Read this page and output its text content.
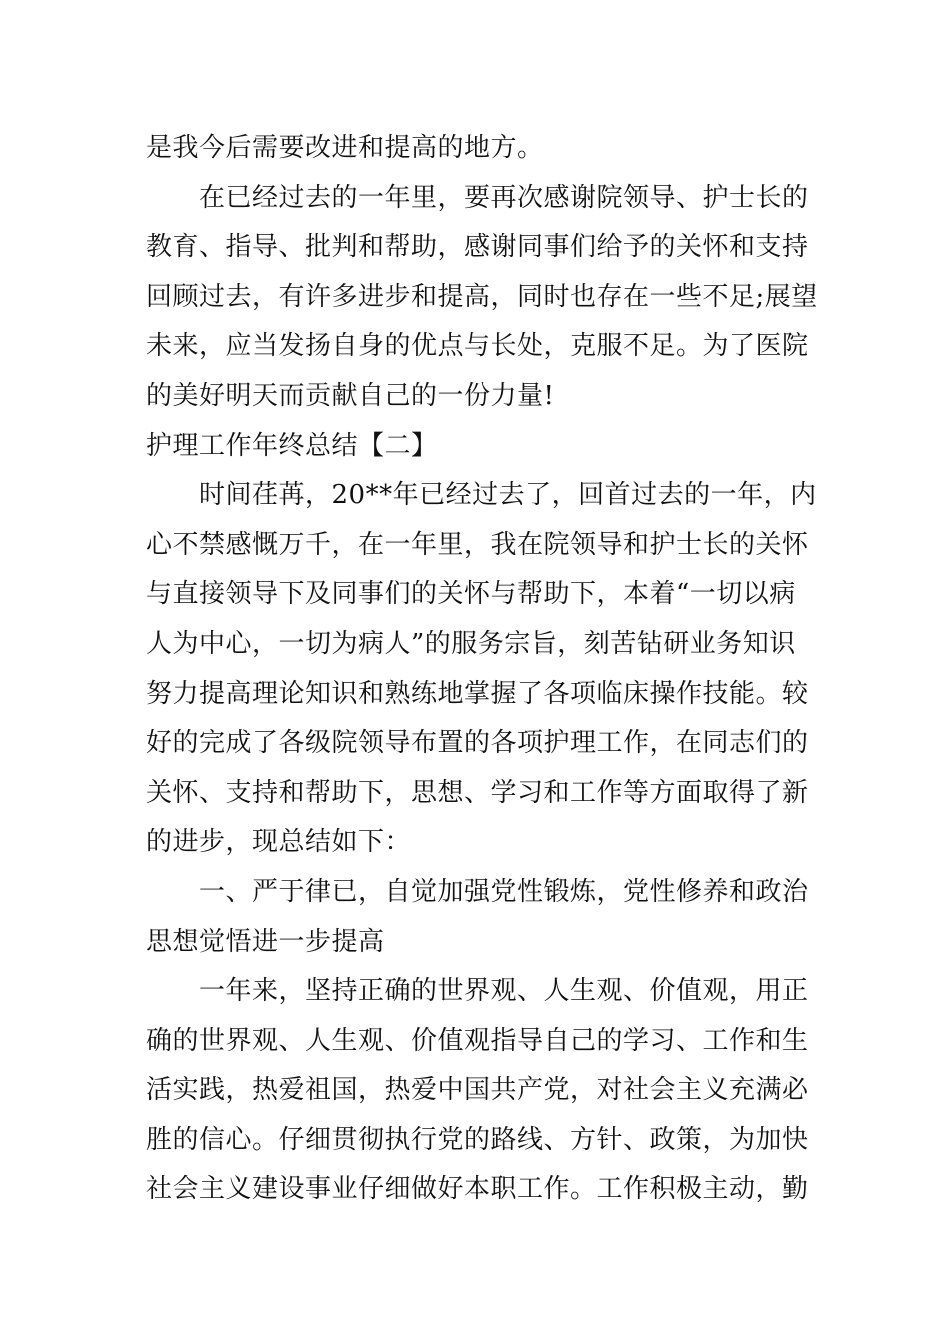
是我今后需要改进和提高的地方。
在已经过去的一年里，要再次感谢院领导、护士长的
教育、指导、批判和帮助，感谢同事们给予的关怀和支持
回顾过去，有许多进步和提高，同时也存在一些不足;展望
未来，应当发扬自身的优点与长处，克服不足。为了医院
的美好明天而贡献自己的一份力量!
护理工作年终总结【二】
时间荏苒，20**年已经过去了，回首过去的一年，内
心不禁感慨万千，在一年里，我在院领导和护士长的关怀
与直接领导下及同事们的关怀与帮助下，本着“一切以病
人为中心，一切为病人”的服务宗旨，刻苦钻研业务知识
努力提高理论知识和熟练地掌握了各项临床操作技能。较
好的完成了各级院领导布置的各项护理工作，在同志们的
关怀、支持和帮助下，思想、学习和工作等方面取得了新
的进步，现总结如下：
一、严于律已，自觉加强党性锻炼，党性修养和政治
思想觉悟进一步提高
一年来，坚持正确的世界观、人生观、价值观，用正
确的世界观、人生观、价值观指导自己的学习、工作和生
活实践，热爱祖国，热爱中国共产党，对社会主义充满必
胜的信心。仔细贯彻执行党的路线、方针、政策，为加快
社会主义建设事业仔细做好本职工作。工作积极主动，勤
